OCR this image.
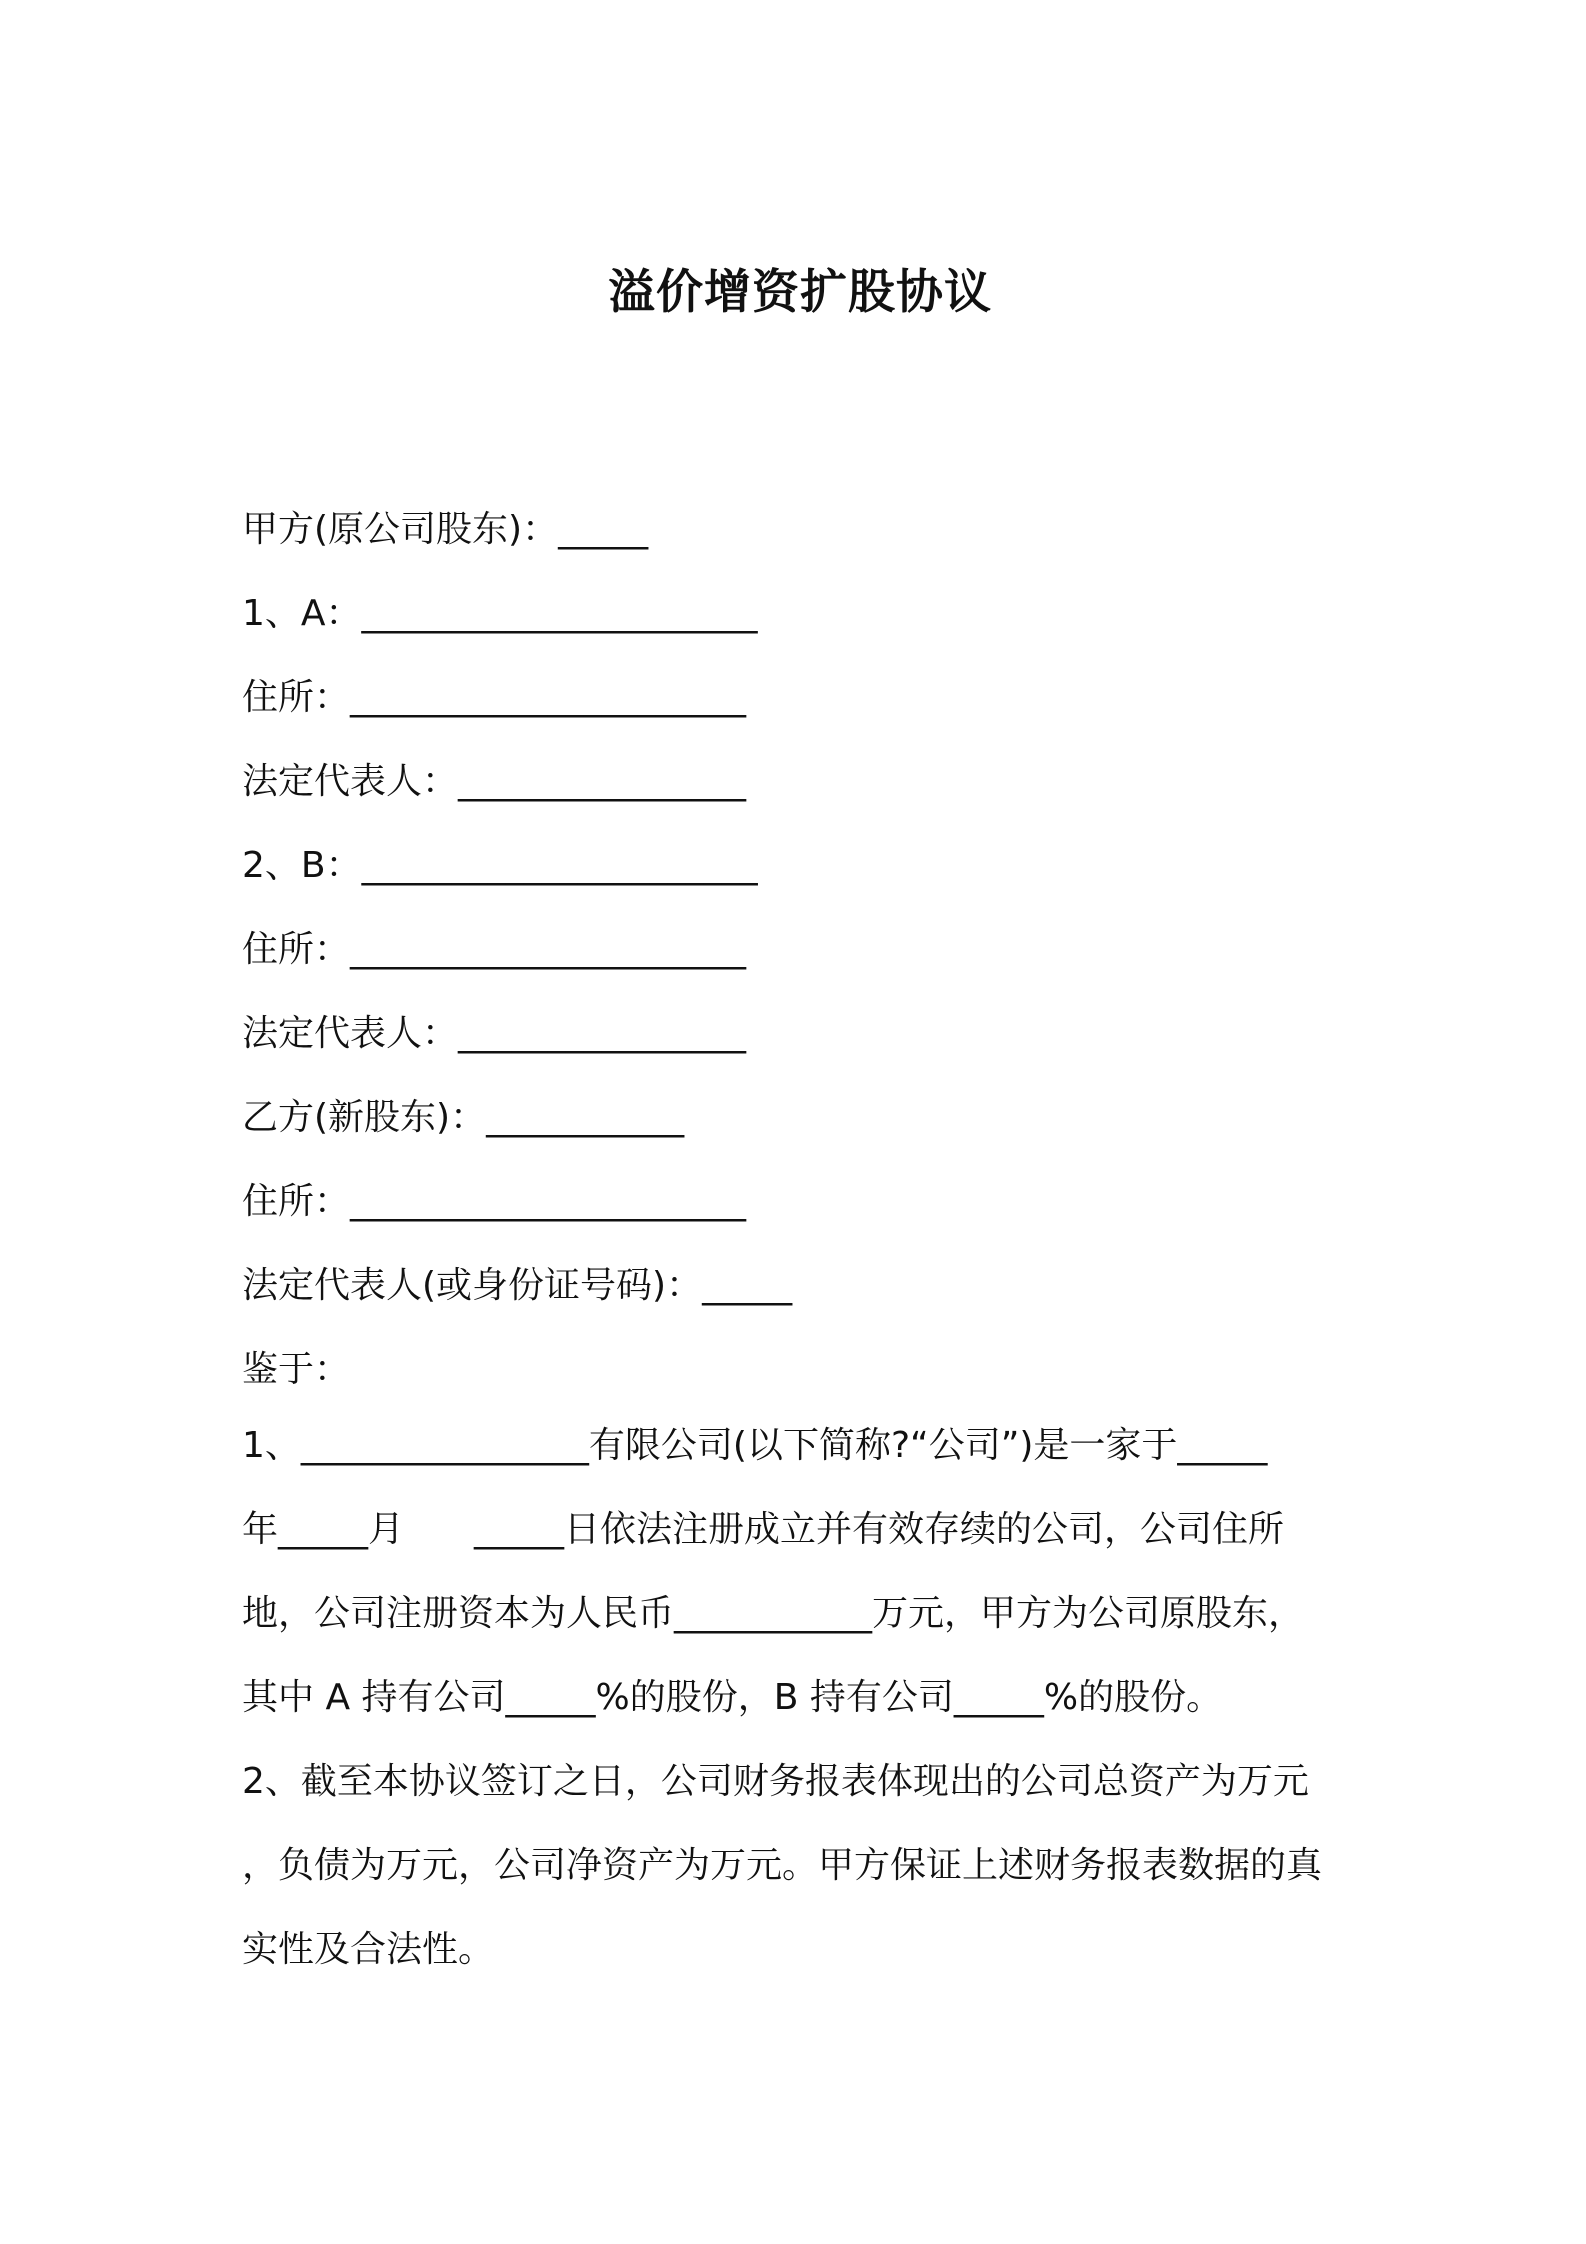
溢价增资扩股协议
甲方(原公司股东)：_____
1、A：______________________
住所：______________________
法定代表人：________________
2、B：______________________
住所：______________________
法定代表人：________________
乙方(新股东)：___________
住所：______________________
法定代表人(或身份证号码)：_____
鉴于：
1、________________有限公司(以下简称?“公司”)是一家于_____
年_____月 _____日依法注册成立并有效存续的公司，公司住所
地，公司注册资本为人民币___________万元，甲方为公司原股东，
其中 A 持有公司_____%的股份，B 持有公司_____%的股份。
2、截至本协议签订之日，公司财务报表体现出的公司总资产为万元
，负债为万元，公司净资产为万元。甲方保证上述财务报表数据的真
实性及合法性。
